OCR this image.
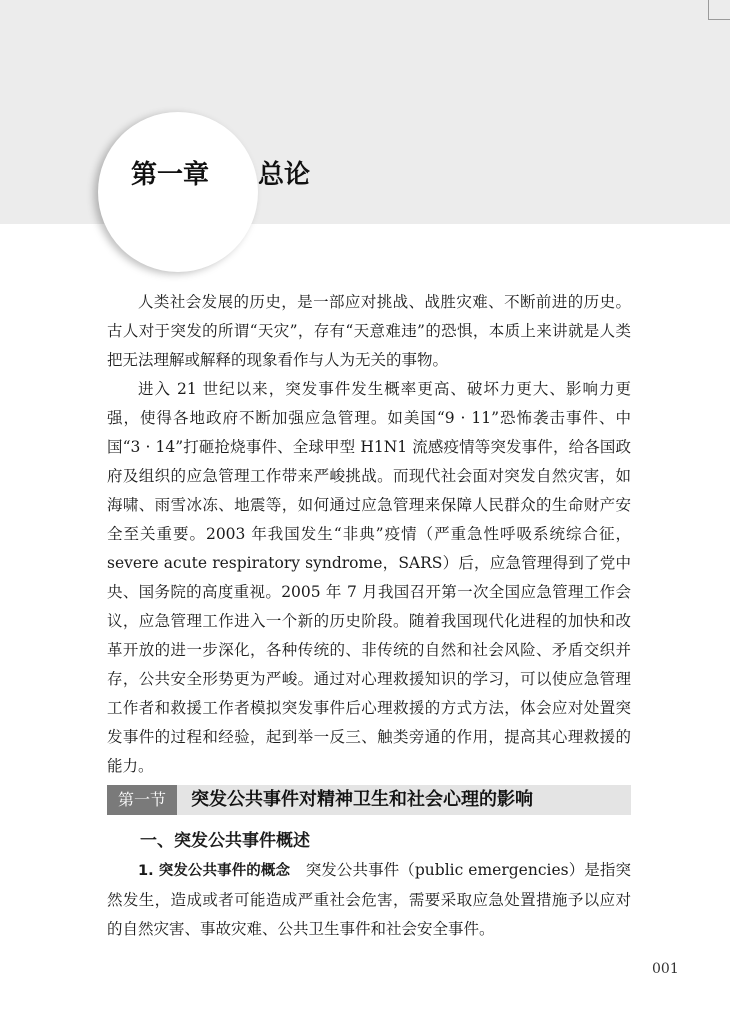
第一章	总论

人类社会发展的历史，是一部应对挑战、战胜灾难、不断前进的历史。古人对于突发的所谓“天灾”，存有“天意难违”的恐惧，本质上来讲就是人类把无法理解或解释的现象看作与人为无关的事物。

进入 21 世纪以来，突发事件发生概率更高、破坏力更大、影响力更强，使得各地政府不断加强应急管理。如美国“9 · 11”恐怖袭击事件、中国“3 · 14”打砸抢烧事件、全球甲型 H1N1 流感疫情等突发事件，给各国政府及组织的应急管理工作带来严峻挑战。而现代社会面对突发自然灾害，如海啸、雨雪冰冻、地震等，如何通过应急管理来保障人民群众的生命财产安全至关重要。2003 年我国发生“非典”疫情（严重急性呼吸系统综合征，severe acute respiratory syndrome，SARS）后，应急管理得到了党中央、国务院的高度重视。2005 年 7 月我国召开第一次全国应急管理工作会议，应急管理工作进入一个新的历史阶段。随着我国现代化进程的加快和改革开放的进一步深化，各种传统的、非传统的自然和社会风险、矛盾交织并存，公共安全形势更为严峻。通过对心理救援知识的学习，可以使应急管理工作者和救援工作者模拟突发事件后心理救援的方式方法，体会应对处置突发事件的过程和经验，起到举一反三、触类旁通的作用，提高其心理救援的能力。

第一节	突发公共事件对精神卫生和社会心理的影响
一、突发公共事件概述

1. 突发公共事件的概念　 突发公共事件（public emergencies）是指突然发生，造成或者可能造成严重社会危害，需要采取应急处置措施予以应对的自然灾害、事故灾难、公共卫生事件和社会安全事件。

001
